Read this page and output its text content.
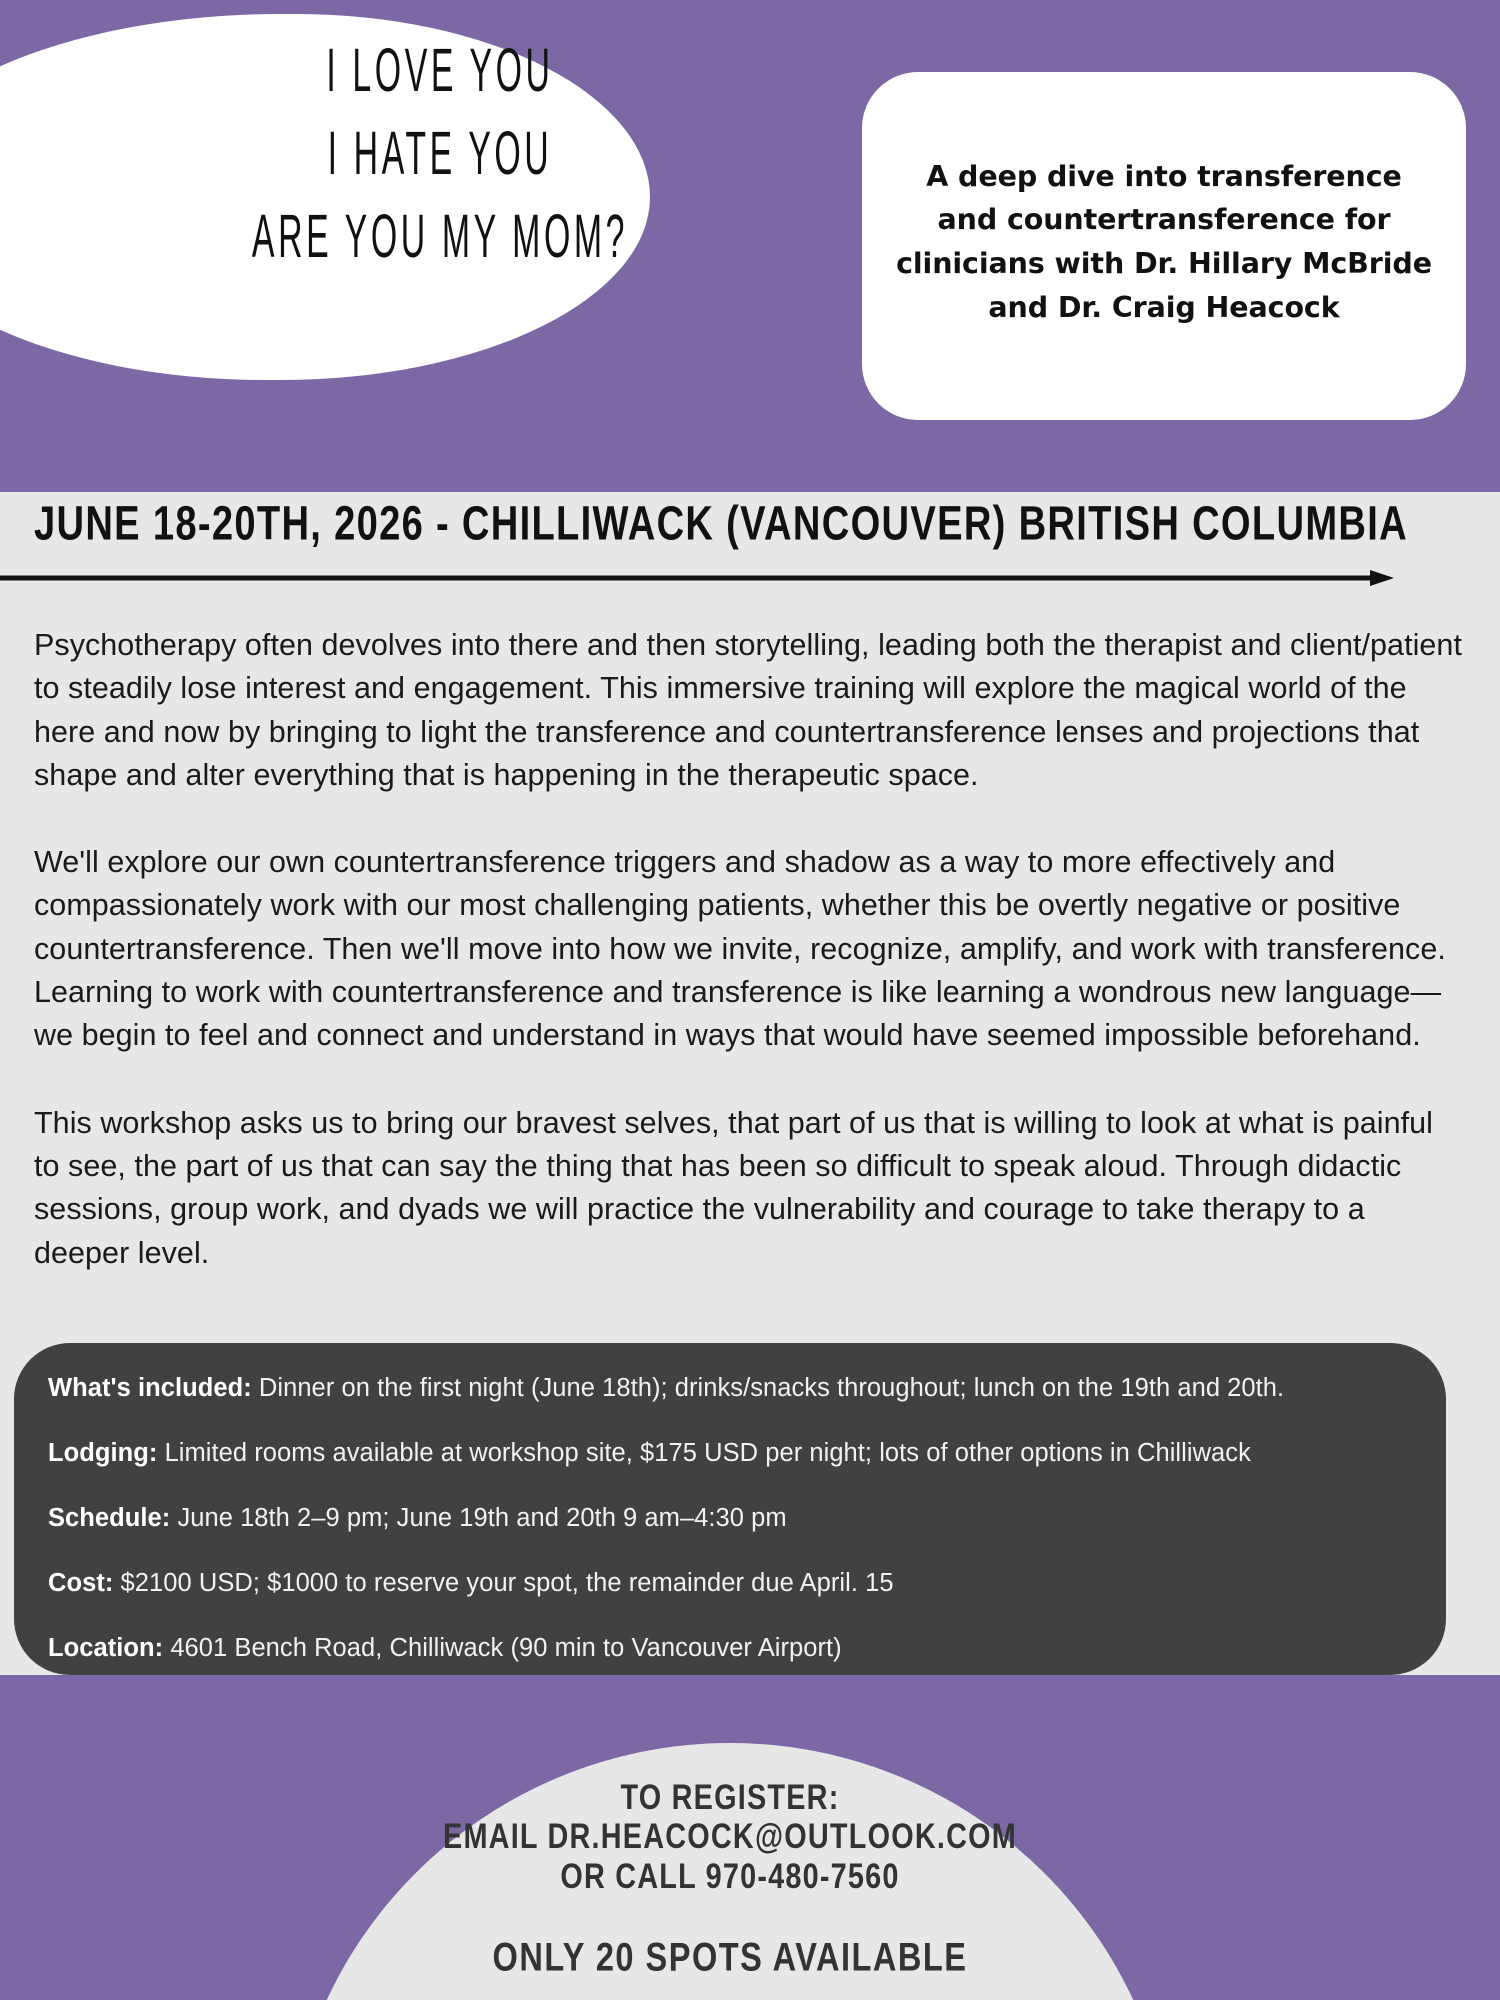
I LOVE YOU
I HATE YOU
ARE YOU MY MOM?
A deep dive into transference and countertransference for clinicians with Dr. Hillary McBride and Dr. Craig Heacock
JUNE 18-20TH, 2026 - CHILLIWACK (VANCOUVER) BRITISH COLUMBIA

Psychotherapy often devolves into there and then storytelling, leading both the therapist and client/patient to steadily lose interest and engagement. This immersive training will explore the magical world of the here and now by bringing to light the transference and countertransference lenses and projections that shape and alter everything that is happening in the therapeutic space.

We'll explore our own countertransference triggers and shadow as a way to more effectively and compassionately work with our most challenging patients, whether this be overtly negative or positive countertransference. Then we'll move into how we invite, recognize, amplify, and work with transference. Learning to work with countertransference and transference is like learning a wondrous new language— we begin to feel and connect and understand in ways that would have seemed impossible beforehand.

This workshop asks us to bring our bravest selves, that part of us that is willing to look at what is painful to see, the part of us that can say the thing that has been so difficult to speak aloud. Through didactic sessions, group work, and dyads we will practice the vulnerability and courage to take therapy to a deeper level.

What's included: Dinner on the first night (June 18th); drinks/snacks throughout; lunch on the 19th and 20th.
Lodging: Limited rooms available at workshop site, $175 USD per night; lots of other options in Chilliwack
Schedule: June 18th 2–9 pm; June 19th and 20th 9 am–4:30 pm
Cost: $2100 USD; $1000 to reserve your spot, the remainder due April. 15
Location: 4601 Bench Road, Chilliwack (90 min to Vancouver Airport)
TO REGISTER:
EMAIL DR.HEACOCK@OUTLOOK.COM
OR CALL 970-480-7560
ONLY 20 SPOTS AVAILABLE
